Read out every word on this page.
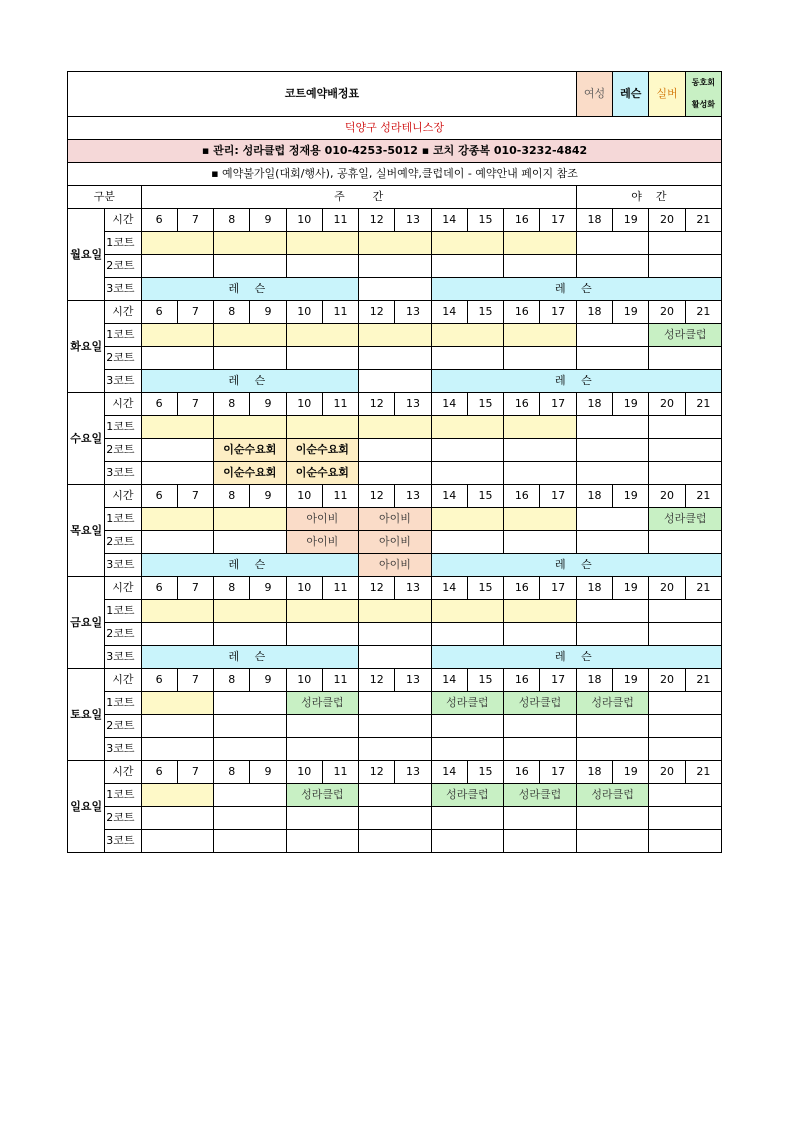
코트예약배정표														여성	레슨	실버	동호회
활성화
덕양구 성라테니스장																	
▪ 관리: 성라클럽 정재용 010-4253-5012 ▪ 코치 강종복 010-3232-4842																	
▪ 예약불가일(대회/행사), 공휴일, 실버예약,클럽데이 - 예약안내 페이지 참조																	
구분		주        간												야    간			
월요일	시간	6	7	8	9	10	11	12	13	14	15	16	17	18	19	20	21
	1코트																
	2코트																
	3코트	레 슨								레 슨							
화요일	시간	6	7	8	9	10	11	12	13	14	15	16	17	18	19	20	21
	1코트															성라클럽	
	2코트																
	3코트	레 슨								레 슨							
수요일	시간	6	7	8	9	10	11	12	13	14	15	16	17	18	19	20	21
	1코트																
	2코트			이순수요회		이순수요회											
	3코트			이순수요회		이순수요회											
목요일	시간	6	7	8	9	10	11	12	13	14	15	16	17	18	19	20	21
	1코트					아이비		아이비								성라클럽	
	2코트					아이비		아이비									
	3코트	레 슨						아이비		레 슨							
금요일	시간	6	7	8	9	10	11	12	13	14	15	16	17	18	19	20	21
	1코트																
	2코트																
	3코트	레 슨								레 슨							
토요일	시간	6	7	8	9	10	11	12	13	14	15	16	17	18	19	20	21
	1코트					성라클럽				성라클럽		성라클럽		성라클럽			
	2코트																
	3코트																
일요일	시간	6	7	8	9	10	11	12	13	14	15	16	17	18	19	20	21
	1코트					성라클럽				성라클럽		성라클럽		성라클럽			
	2코트																
	3코트																
